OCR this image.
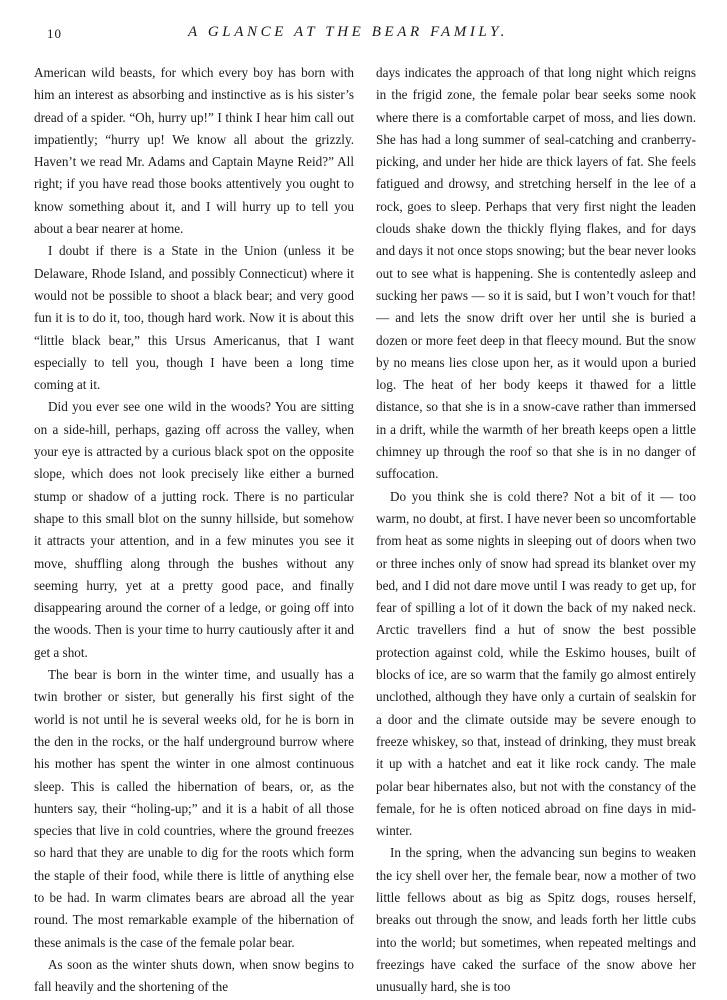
10	A GLANCE AT THE BEAR FAMILY.

American wild beasts, for which every boy has born with him an interest as absorbing and instinctive as is his sister’s dread of a spider. “Oh, hurry up!” I think I hear him call out impatiently; “hurry up! We know all about the grizzly. Haven’t we read Mr. Adams and Captain Mayne Reid?” All right; if you have read those books attentively you ought to know something about it, and I will hurry up to tell you about a bear nearer at home.

I doubt if there is a State in the Union (unless it be Delaware, Rhode Island, and possibly Connecticut) where it would not be possible to shoot a black bear; and very good fun it is to do it, too, though hard work. Now it is about this “little black bear,” this Ursus Americanus, that I want especially to tell you, though I have been a long time coming at it.

Did you ever see one wild in the woods? You are sitting on a side-hill, perhaps, gazing off across the valley, when your eye is attracted by a curious black spot on the opposite slope, which does not look precisely like either a burned stump or shadow of a jutting rock. There is no particular shape to this small blot on the sunny hillside, but somehow it attracts your attention, and in a few minutes you see it move, shuffling along through the bushes without any seeming hurry, yet at a pretty good pace, and finally disappearing around the corner of a ledge, or going off into the woods. Then is your time to hurry cautiously after it and get a shot.

The bear is born in the winter time, and usually has a twin brother or sister, but generally his first sight of the world is not until he is several weeks old, for he is born in the den in the rocks, or the half underground burrow where his mother has spent the winter in one almost continuous sleep. This is called the hibernation of bears, or, as the hunters say, their “holing-up;” and it is a habit of all those species that live in cold countries, where the ground freezes so hard that they are unable to dig for the roots which form the staple of their food, while there is little of anything else to be had. In warm climates bears are abroad all the year round. The most remarkable example of the hibernation of these animals is the case of the female polar bear.

As soon as the winter shuts down, when snow begins to fall heavily and the shortening of the

days indicates the approach of that long night which reigns in the frigid zone, the female polar bear seeks some nook where there is a comfortable carpet of moss, and lies down. She has had a long summer of seal-catching and cranberry-picking, and under her hide are thick layers of fat. She feels fatigued and drowsy, and stretching herself in the lee of a rock, goes to sleep. Perhaps that very first night the leaden clouds shake down the thickly flying flakes, and for days and days it not once stops snowing; but the bear never looks out to see what is happening. She is contentedly asleep and sucking her paws — so it is said, but I won’t vouch for that! — and lets the snow drift over her until she is buried a dozen or more feet deep in that fleecy mound. But the snow by no means lies close upon her, as it would upon a buried log. The heat of her body keeps it thawed for a little distance, so that she is in a snow-cave rather than immersed in a drift, while the warmth of her breath keeps open a little chimney up through the roof so that she is in no danger of suffocation.

Do you think she is cold there? Not a bit of it — too warm, no doubt, at first. I have never been so uncomfortable from heat as some nights in sleeping out of doors when two or three inches only of snow had spread its blanket over my bed, and I did not dare move until I was ready to get up, for fear of spilling a lot of it down the back of my naked neck. Arctic travellers find a hut of snow the best possible protection against cold, while the Eskimo houses, built of blocks of ice, are so warm that the family go almost entirely unclothed, although they have only a curtain of sealskin for a door and the climate outside may be severe enough to freeze whiskey, so that, instead of drinking, they must break it up with a hatchet and eat it like rock candy. The male polar bear hibernates also, but not with the constancy of the female, for he is often noticed abroad on fine days in mid-winter.

In the spring, when the advancing sun begins to weaken the icy shell over her, the female bear, now a mother of two little fellows about as big as Spitz dogs, rouses herself, breaks out through the snow, and leads forth her little cubs into the world; but sometimes, when repeated meltings and freezings have caked the surface of the snow above her unusually hard, she is too
